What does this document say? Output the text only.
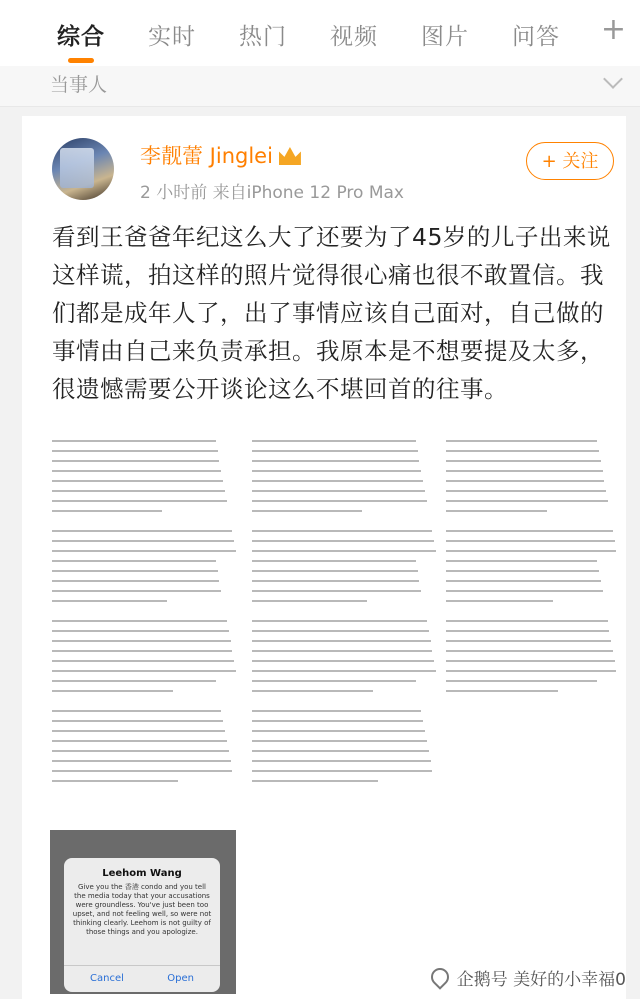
综合 实时 热门 视频 图片 问答 +
当事人
李靓蕾 Jinglei
2 小时前 来自iPhone 12 Pro Max
+ 关注
看到王爸爸年纪这么大了还要为了45岁的儿子出来说这样谎，拍这样的照片觉得很心痛也很不敢置信。我们都是成年人了，出了事情应该自己面对，自己做的事情由自己来负责承担。我原本是不想要提及太多，很遗憾需要公开谈论这么不堪回首的往事。
Leehom Wang
Give you the 香港 condo and you tell the media today that your accusations were groundless. You've just been too upset, and not feeling well, so were not thinking clearly. Leehom is not guilty of those things and you apologize.
Cancel	Open	企鹅号 美好的小幸福0
